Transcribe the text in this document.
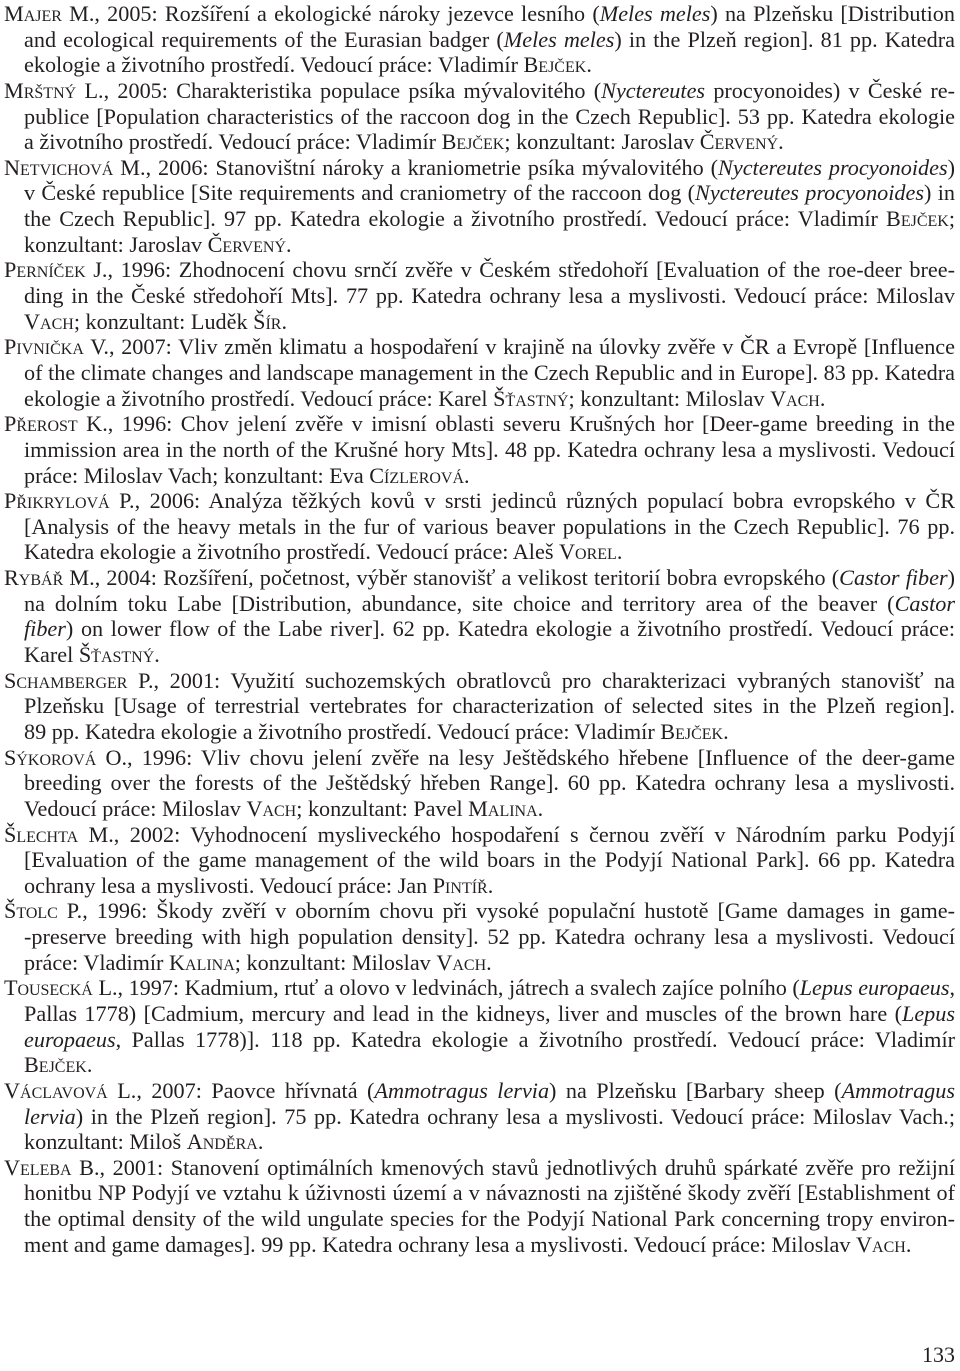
Majer M., 2005: Rozšíření a ekologické nároky jezevce lesního (Meles meles) na Plzeňsku [Distribution
and ecological requirements of the Eurasian badger (Meles meles) in the Plzeň region]. 81 pp. Katedra
ekologie a životního prostředí. Vedoucí práce: Vladimír Bejček.
Mrštný L., 2005: Charakteristika populace psíka mývalovitého (Nyctereutes procyonoides) v České re-
publice [Population characteristics of the raccoon dog in the Czech Republic]. 53 pp. Katedra ekologie
a životního prostředí. Vedoucí práce: Vladimír Bejček; konzultant: Jaroslav Červený.
Netvichová M., 2006: Stanovištní nároky a kraniometrie psíka mývalovitého (Nyctereutes procyonoides)
v České republice [Site requirements and craniometry of the raccoon dog (Nyctereutes procyonoides) in
the Czech Republic]. 97 pp. Katedra ekologie a životního prostředí. Vedoucí práce: Vladimír Bejček;
konzultant: Jaroslav Červený.
Perníček J., 1996: Zhodnocení chovu srnčí zvěře v Českém středohoří [Evaluation of the roe-deer bree-
ding in the České středohoří Mts]. 77 pp. Katedra ochrany lesa a myslivosti. Vedoucí práce: Miloslav
Vach; konzultant: Luděk Šír.
Pivnička V., 2007: Vliv změn klimatu a hospodaření v krajině na úlovky zvěře v ČR a Evropě [Influence
of the climate changes and landscape management in the Czech Republic and in Europe]. 83 pp. Katedra
ekologie a životního prostředí. Vedoucí práce: Karel Šťastný; konzultant: Miloslav Vach.
Přerost K., 1996: Chov jelení zvěře v imisní oblasti severu Krušných hor [Deer-game breeding in the
immission area in the north of the Krušné hory Mts]. 48 pp. Katedra ochrany lesa a myslivosti. Vedoucí
práce: Miloslav Vach; konzultant: Eva Cízlerová.
Přikrylová P., 2006: Analýza těžkých kovů v srsti jedinců různých populací bobra evropského v ČR
[Analysis of the heavy metals in the fur of various beaver populations in the Czech Republic]. 76 pp.
Katedra ekologie a životního prostředí. Vedoucí práce: Aleš Vorel.
Rybář M., 2004: Rozšíření, početnost, výběr stanovišť a velikost teritorií bobra evropského (Castor fiber)
na dolním toku Labe [Distribution, abundance, site choice and territory area of the beaver (Castor
fiber) on lower flow of the Labe river]. 62 pp. Katedra ekologie a životního prostředí. Vedoucí práce:
Karel Šťastný.
Schamberger P., 2001: Využití suchozemských obratlovců pro charakterizaci vybraných stanovišť na
Plzeňsku [Usage of terrestrial vertebrates for characterization of selected sites in the Plzeň region].
89 pp. Katedra ekologie a životního prostředí. Vedoucí práce: Vladimír Bejček.
Sýkorová O., 1996: Vliv chovu jelení zvěře na lesy Ještědského hřebene [Influence of the deer-game
breeding over the forests of the Ještědský hřeben Range]. 60 pp. Katedra ochrany lesa a myslivosti.
Vedoucí práce: Miloslav Vach; konzultant: Pavel Malina.
Šlechta M., 2002: Vyhodnocení mysliveckého hospodaření s černou zvěří v Národním parku Podyjí
[Evaluation of the game management of the wild boars in the Podyjí National Park]. 66 pp. Katedra
ochrany lesa a myslivosti. Vedoucí práce: Jan Pintíř.
Štolc P., 1996: Škody zvěří v oborním chovu při vysoké populační hustotě [Game damages in game-
-preserve breeding with high population density]. 52 pp. Katedra ochrany lesa a myslivosti. Vedoucí
práce: Vladimír Kalina; konzultant: Miloslav Vach.
Tousecká L., 1997: Kadmium, rtuť a olovo v ledvinách, játrech a svalech zajíce polního (Lepus europaeus,
Pallas 1778) [Cadmium, mercury and lead in the kidneys, liver and muscles of the brown hare (Lepus
europaeus, Pallas 1778)]. 118 pp. Katedra ekologie a životního prostředí. Vedoucí práce: Vladimír
Bejček.
Václavová L., 2007: Paovce hřívnatá (Ammotragus lervia) na Plzeňsku [Barbary sheep (Ammotragus
lervia) in the Plzeň region]. 75 pp. Katedra ochrany lesa a myslivosti. Vedoucí práce: Miloslav Vach.;
konzultant: Miloš Anděra.
Veleba B., 2001: Stanovení optimálních kmenových stavů jednotlivých druhů spárkaté zvěře pro režijní
honitbu NP Podyjí ve vztahu k úživnosti území a v návaznosti na zjištěné škody zvěří [Establishment of
the optimal density of the wild ungulate species for the Podyjí National Park concerning tropy environ-
ment and game damages]. 99 pp. Katedra ochrany lesa a myslivosti. Vedoucí práce: Miloslav Vach.
133
